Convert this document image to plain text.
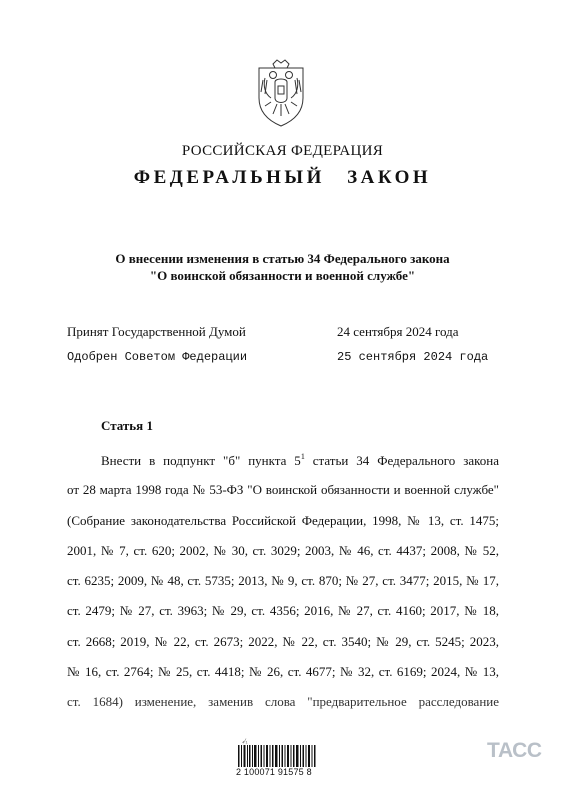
РОССИЙСКАЯ ФЕДЕРАЦИЯ
ФЕДЕРАЛЬНЫЙ ЗАКОН
О внесении изменения в статью 34 Федерального закона
"О воинской обязанности и военной службе"
Принят Государственной Думой	24 сентября 2024 года
Одобрен Советом Федерации	25 сентября 2024 года
Статья 1
Внести в подпункт "б" пункта $5^1$ статьи 34 Федерального закона
от 28 марта 1998 года № 53-ФЗ "О воинской обязанности и военной службе"
(Собрание законодательства Российской Федерации, 1998, № 13, ст. 1475;
2001, № 7, ст. 620; 2002, № 30, ст. 3029; 2003, № 46, ст. 4437; 2008, № 52,
ст. 6235; 2009, № 48, ст. 5735; 2013, № 9, ст. 870; № 27, ст. 3477; 2015, № 17,
ст. 2479; № 27, ст. 3963; № 29, ст. 4356; 2016, № 27, ст. 4160; 2017, № 18,
ст. 2668; 2019, № 22, ст. 2673; 2022, № 22, ст. 3540; № 29, ст. 5245; 2023,
№ 16, ст. 2764; № 25, ст. 4418; № 26, ст. 4677; № 32, ст. 6169; 2024, № 13,
ст. 1684) изменение, заменив слова "предварительное расследование
₄⁄₁
2 100071 91575 8
ТАСС
